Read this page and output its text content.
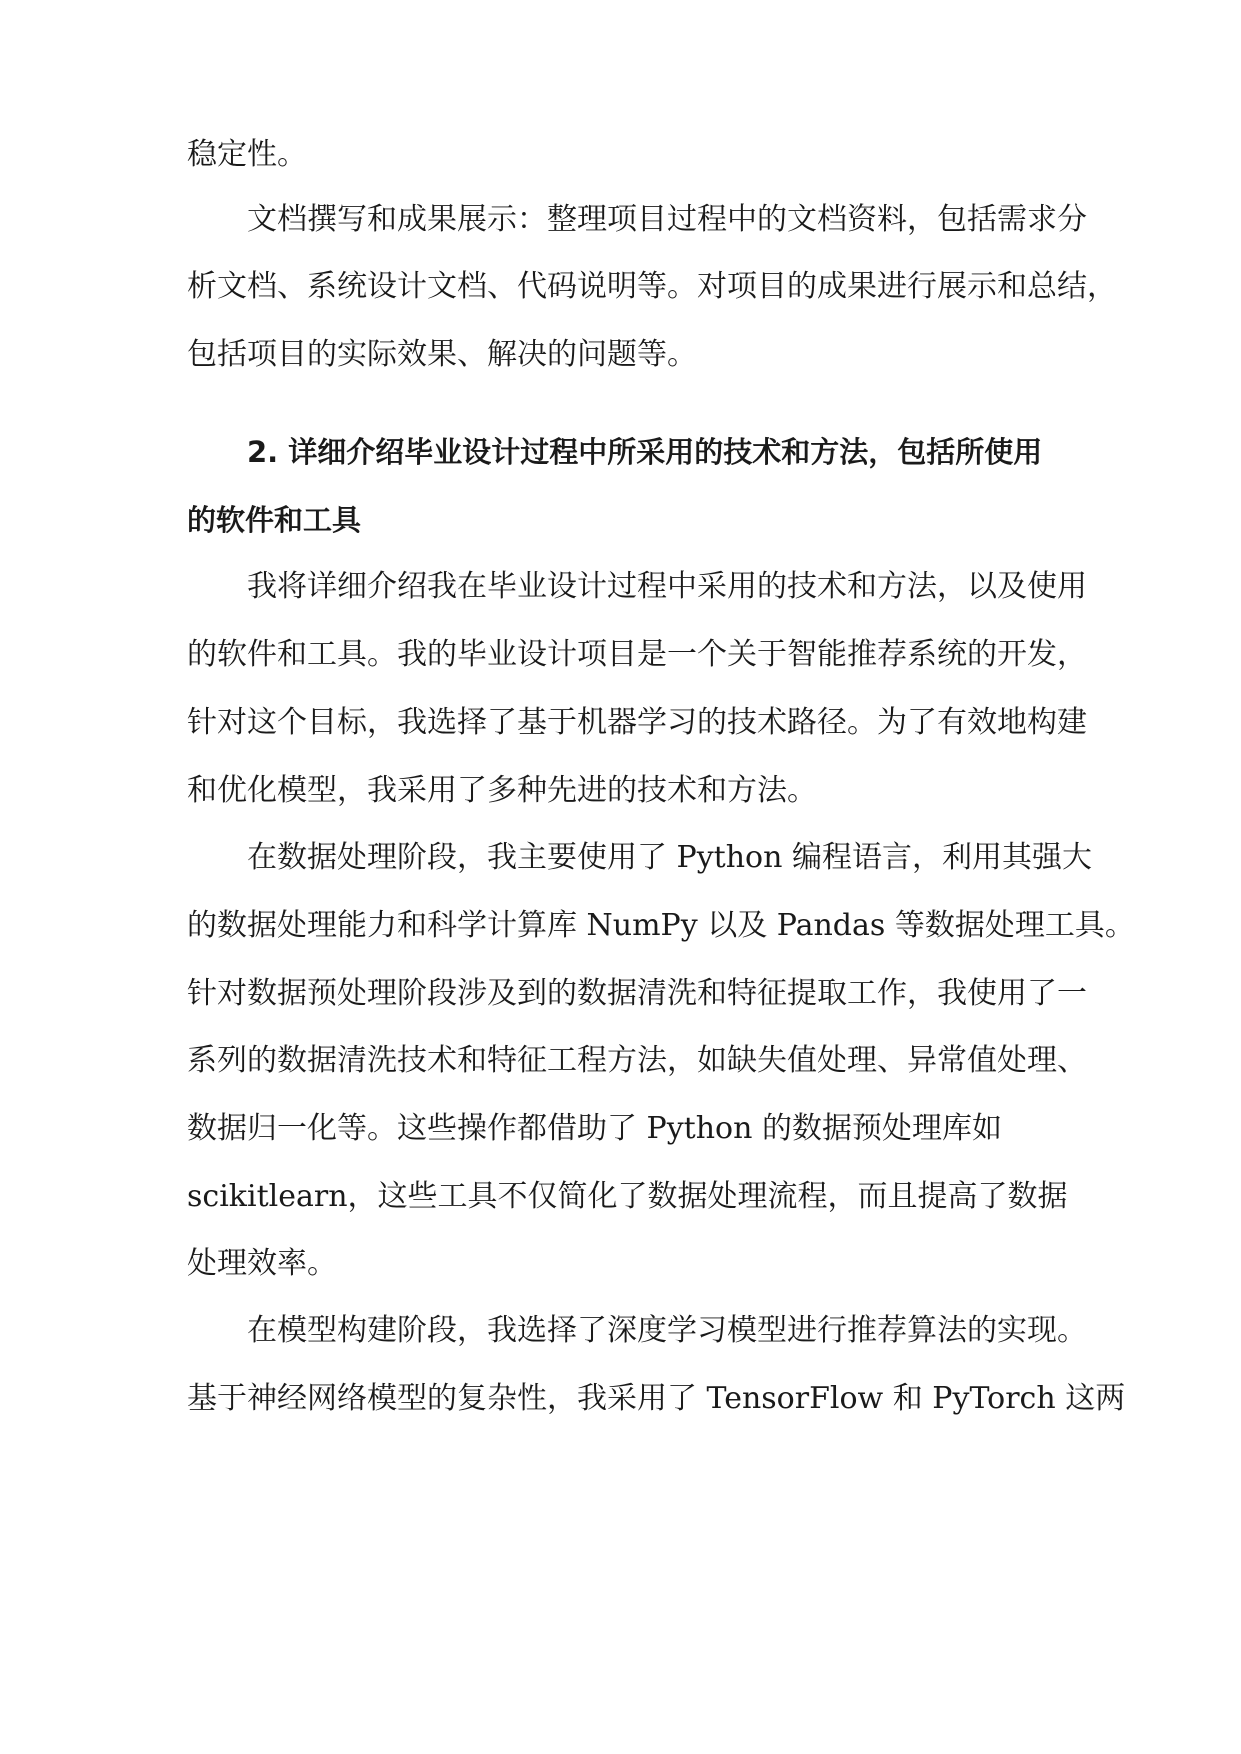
稳定性。
文档撰写和成果展示：整理项目过程中的文档资料，包括需求分
析文档、系统设计文档、代码说明等。对项目的成果进行展示和总结，
包括项目的实际效果、解决的问题等。
2. 详细介绍毕业设计过程中所采用的技术和方法，包括所使用
的软件和工具
我将详细介绍我在毕业设计过程中采用的技术和方法，以及使用
的软件和工具。我的毕业设计项目是一个关于智能推荐系统的开发，
针对这个目标，我选择了基于机器学习的技术路径。为了有效地构建
和优化模型，我采用了多种先进的技术和方法。
在数据处理阶段，我主要使用了 Python 编程语言，利用其强大
的数据处理能力和科学计算库 NumPy 以及 Pandas 等数据处理工具。
针对数据预处理阶段涉及到的数据清洗和特征提取工作，我使用了一
系列的数据清洗技术和特征工程方法，如缺失值处理、异常值处理、
数据归一化等。这些操作都借助了 Python 的数据预处理库如
scikitlearn，这些工具不仅简化了数据处理流程，而且提高了数据
处理效率。
在模型构建阶段，我选择了深度学习模型进行推荐算法的实现。
基于神经网络模型的复杂性，我采用了 TensorFlow 和 PyTorch 这两
